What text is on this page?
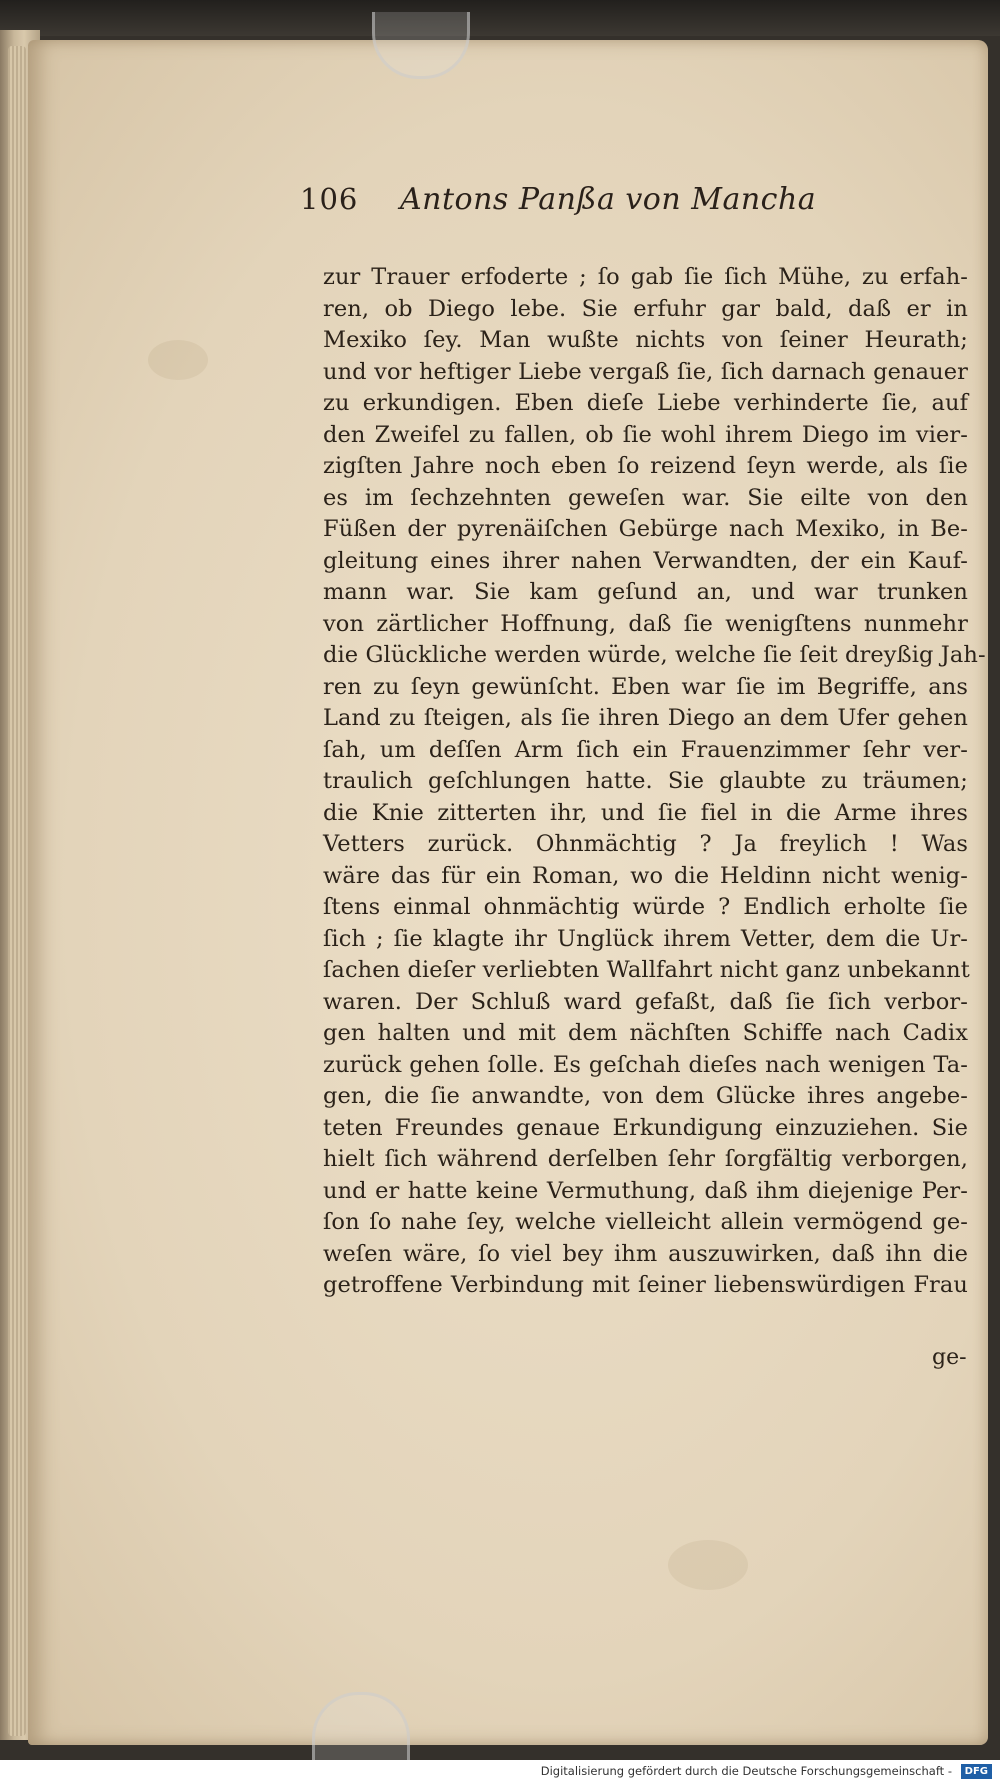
106 Antons Panßa von Mancha
zur Trauer erfoderte ; ſo gab ſie ſich Mühe, zu erfah-
ren, ob Diego lebe. Sie erfuhr gar bald, daß er in
Mexiko ſey. Man wußte nichts von ſeiner Heurath;
und vor heftiger Liebe vergaß ſie, ſich darnach genauer
zu erkundigen. Eben dieſe Liebe verhinderte ſie, auf
den Zweifel zu fallen, ob ſie wohl ihrem Diego im vier-
zigſten Jahre noch eben ſo reizend ſeyn werde, als ſie
es im ſechzehnten geweſen war. Sie eilte von den
Füßen der pyrenäiſchen Gebürge nach Mexiko, in Be-
gleitung eines ihrer nahen Verwandten, der ein Kauf-
mann war. Sie kam geſund an, und war trunken
von zärtlicher Hoffnung, daß ſie wenigſtens nunmehr
die Glückliche werden würde, welche ſie ſeit dreyßig Jah-
ren zu ſeyn gewünſcht. Eben war ſie im Begriffe, ans
Land zu ſteigen, als ſie ihren Diego an dem Ufer gehen
ſah, um deſſen Arm ſich ein Frauenzimmer ſehr ver-
traulich geſchlungen hatte. Sie glaubte zu träumen;
die Knie zitterten ihr, und ſie fiel in die Arme ihres
Vetters zurück. Ohnmächtig ? Ja freylich ! Was
wäre das für ein Roman, wo die Heldinn nicht wenig-
ſtens einmal ohnmächtig würde ? Endlich erholte ſie
ſich ; ſie klagte ihr Unglück ihrem Vetter, dem die Ur-
ſachen dieſer verliebten Wallfahrt nicht ganz unbekannt
waren. Der Schluß ward gefaßt, daß ſie ſich verbor-
gen halten und mit dem nächſten Schiffe nach Cadix
zurück gehen ſolle. Es geſchah dieſes nach wenigen Ta-
gen, die ſie anwandte, von dem Glücke ihres angebe-
teten Freundes genaue Erkundigung einzuziehen. Sie
hielt ſich während derſelben ſehr ſorgfältig verborgen,
und er hatte keine Vermuthung, daß ihm diejenige Per-
ſon ſo nahe ſey, welche vielleicht allein vermögend ge-
weſen wäre, ſo viel bey ihm auszuwirken, daß ihn die
getroffene Verbindung mit ſeiner liebenswürdigen Frau
ge-
Digitalisierung gefördert durch die Deutsche Forschungsgemeinschaft -	DFG
